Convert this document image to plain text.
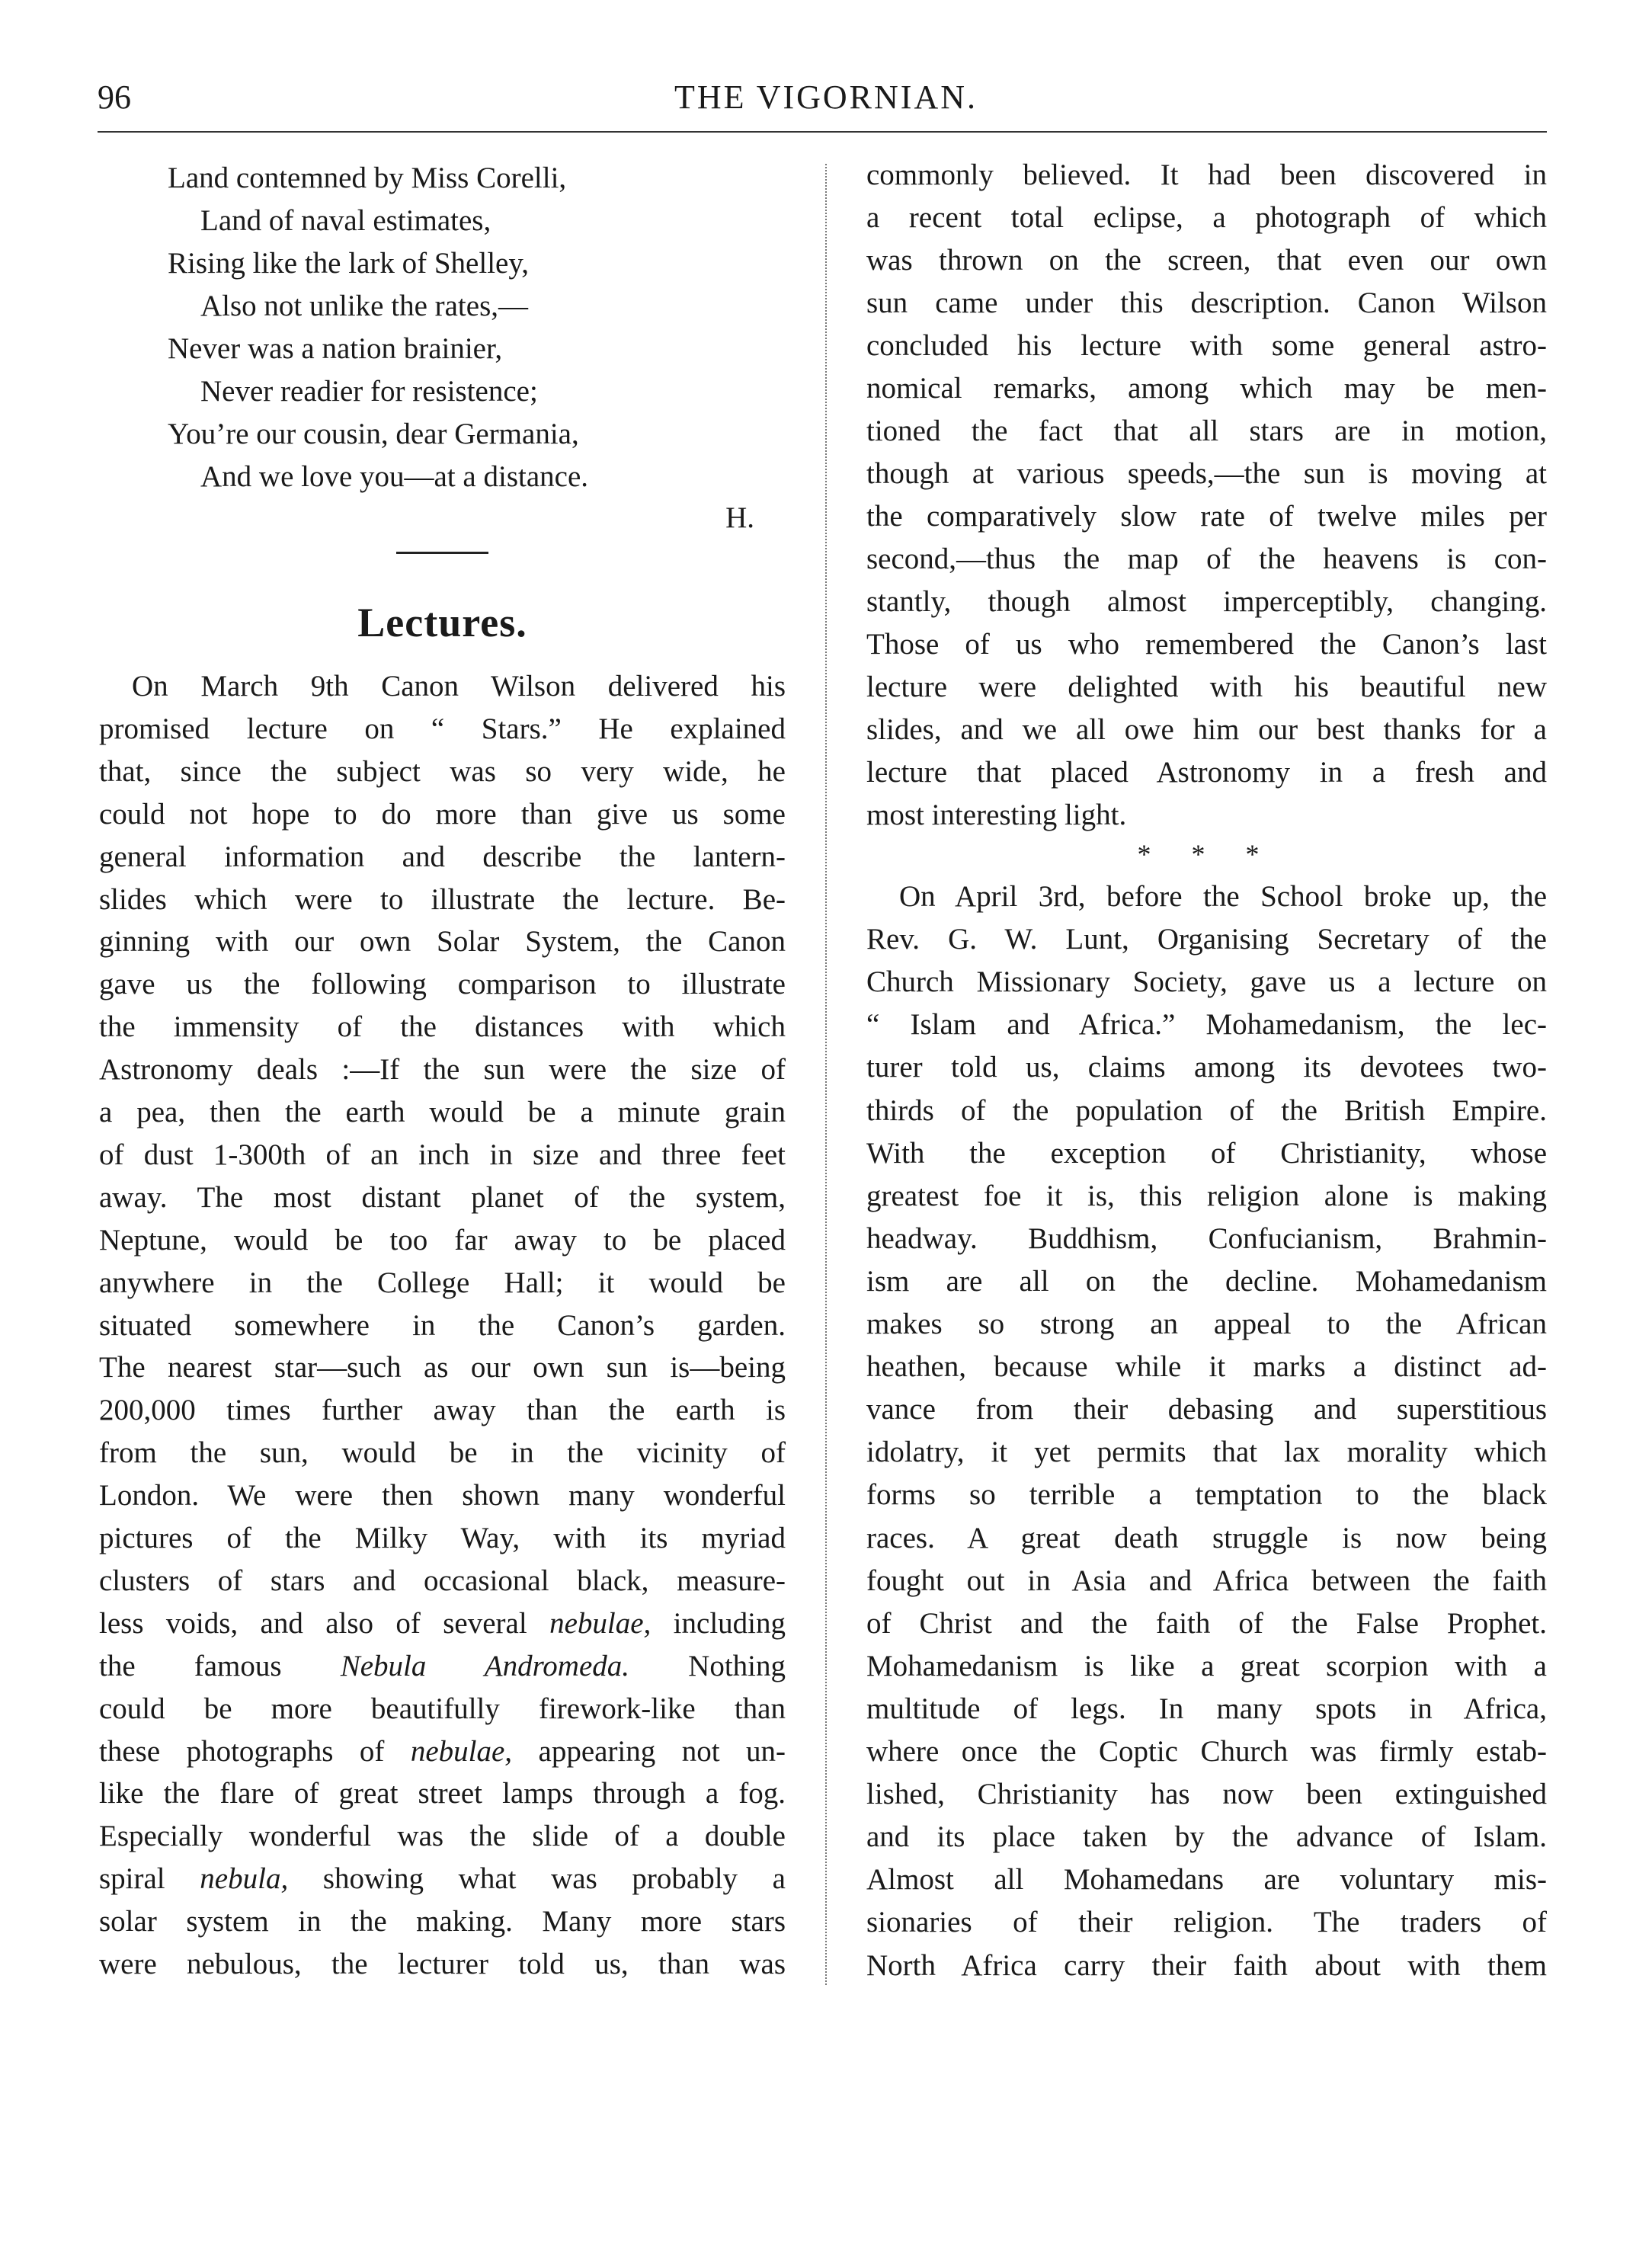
96	THE VIGORNIAN.
Land contemned by Miss Corelli,
Land of naval estimates,
Rising like the lark of Shelley,
Also not unlike the rates,—
Never was a nation brainier,
Never readier for resistence;
You’re our cousin, dear Germania,
And we love you—at a distance.
H.
Lectures.
On March 9th Canon Wilson delivered his
promised lecture on “ Stars.” He explained
that, since the subject was so very wide, he
could not hope to do more than give us some
general information and describe the lantern-
slides which were to illustrate the lecture. Be-
ginning with our own Solar System, the Canon
gave us the following comparison to illustrate
the immensity of the distances with which
Astronomy deals :—If the sun were the size of
a pea, then the earth would be a minute grain
of dust 1-300th of an inch in size and three feet
away. The most distant planet of the system,
Neptune, would be too far away to be placed
anywhere in the College Hall; it would be
situated somewhere in the Canon’s garden.
The nearest star—such as our own sun is—being
200,000 times further away than the earth is
from the sun, would be in the vicinity of
London. We were then shown many wonderful
pictures of the Milky Way, with its myriad
clusters of stars and occasional black, measure-
less voids, and also of several nebulae, including
the famous Nebula Andromeda. Nothing
could be more beautifully firework-like than
these photographs of nebulae, appearing not un-
like the flare of great street lamps through a fog.
Especially wonderful was the slide of a double
spiral nebula, showing what was probably a
solar system in the making. Many more stars
were nebulous, the lecturer told us, than was
commonly believed. It had been discovered in
a recent total eclipse, a photograph of which
was thrown on the screen, that even our own
sun came under this description. Canon Wilson
concluded his lecture with some general astro-
nomical remarks, among which may be men-
tioned the fact that all stars are in motion,
though at various speeds,—the sun is moving at
the comparatively slow rate of twelve miles per
second,—thus the map of the heavens is con-
stantly, though almost imperceptibly, changing.
Those of us who remembered the Canon’s last
lecture were delighted with his beautiful new
slides, and we all owe him our best thanks for a
lecture that placed Astronomy in a fresh and
most interesting light.
On April 3rd, before the School broke up, the
Rev. G. W. Lunt, Organising Secretary of the
Church Missionary Society, gave us a lecture on
“ Islam and Africa.” Mohamedanism, the lec-
turer told us, claims among its devotees two-
thirds of the population of the British Empire.
With the exception of Christianity, whose
greatest foe it is, this religion alone is making
headway. Buddhism, Confucianism, Brahmin-
ism are all on the decline. Mohamedanism
makes so strong an appeal to the African
heathen, because while it marks a distinct ad-
vance from their debasing and superstitious
idolatry, it yet permits that lax morality which
forms so terrible a temptation to the black
races. A great death struggle is now being
fought out in Asia and Africa between the faith
of Christ and the faith of the False Prophet.
Mohamedanism is like a great scorpion with a
multitude of legs. In many spots in Africa,
where once the Coptic Church was firmly estab-
lished, Christianity has now been extinguished
and its place taken by the advance of Islam.
Almost all Mohamedans are voluntary mis-
sionaries of their religion. The traders of
North Africa carry their faith about with them
* * *
